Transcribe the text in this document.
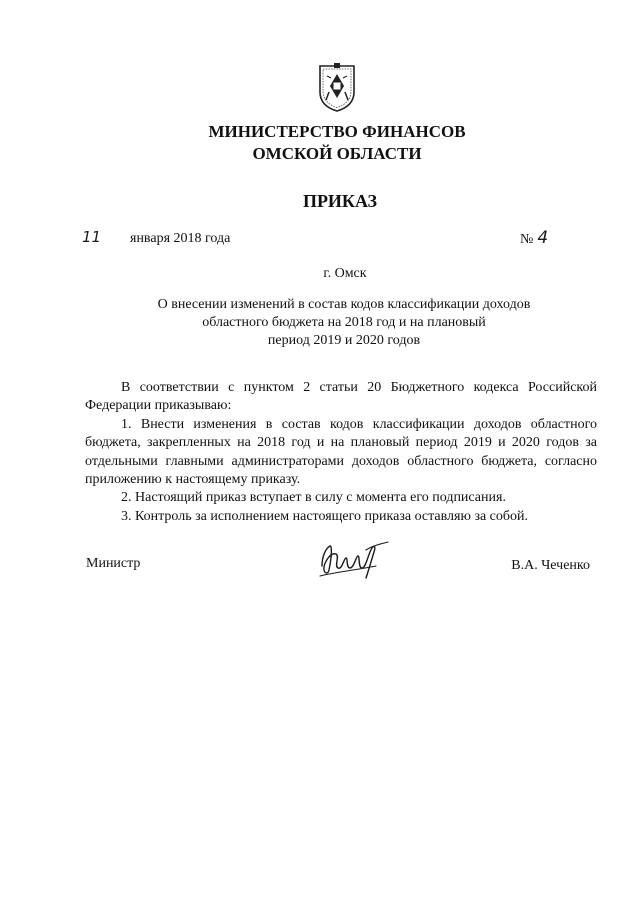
МИНИСТЕРСТВО ФИНАНСОВ
ОМСКОЙ ОБЛАСТИ
ПРИКАЗ
11 января 2018 года	№ 4
г. Омск
О внесении изменений в состав кодов классификации доходов
областного бюджета на 2018 год и на плановый
период 2019 и 2020 годов

В соответствии с пунктом 2 статьи 20 Бюджетного кодекса Российской Федерации приказываю:

1. Внести изменения в состав кодов классификации доходов областного бюджета, закрепленных на 2018 год и на плановый период 2019 и 2020 годов за отдельными главными администраторами доходов областного бюджета, согласно приложению к настоящему приказу.

2. Настоящий приказ вступает в силу с момента его подписания.

3. Контроль за исполнением настоящего приказа оставляю за собой.

Министр	В.А. Чеченко
